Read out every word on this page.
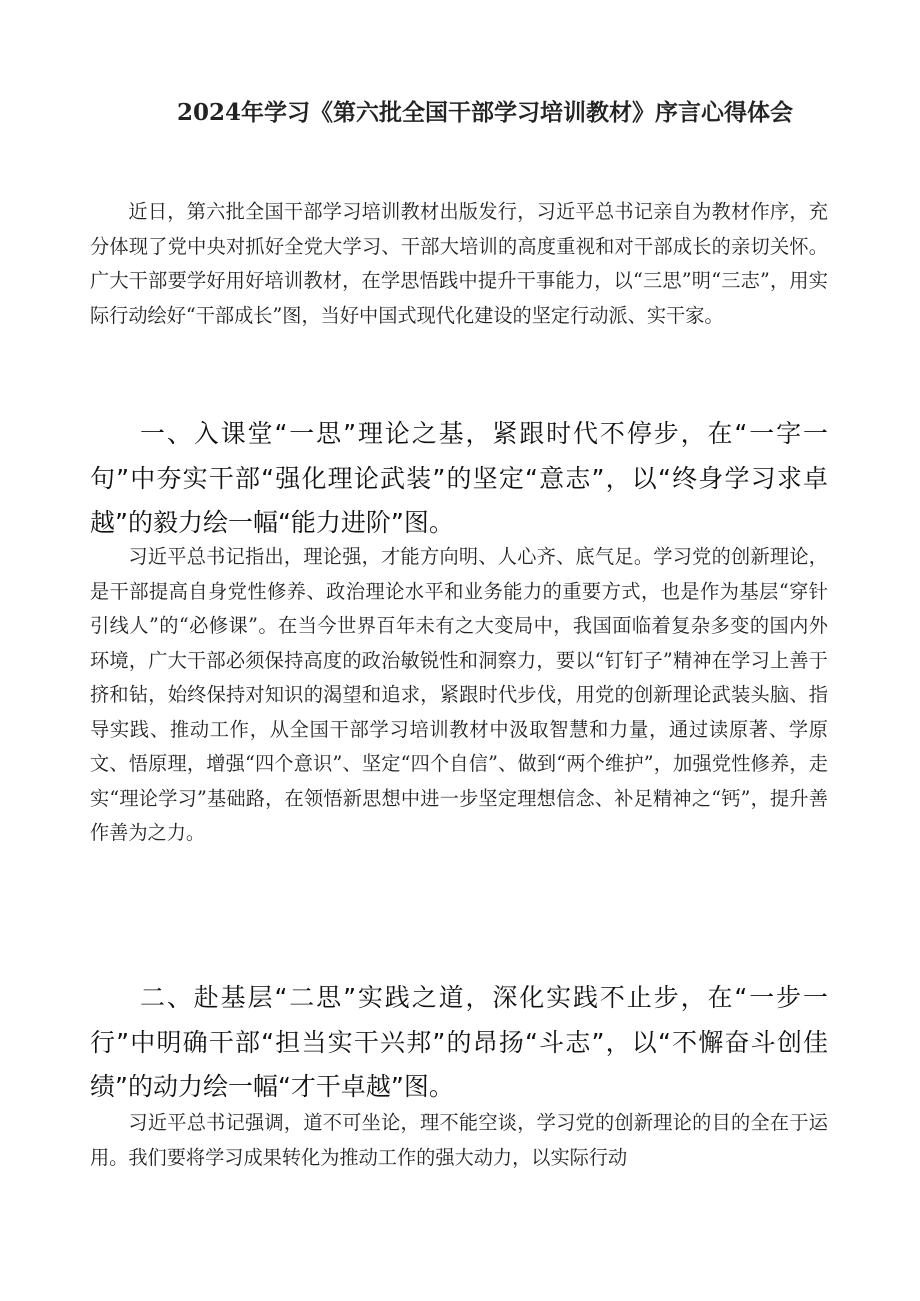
2024年学习《第六批全国干部学习培训教材》序言心得体会

近日，第六批全国干部学习培训教材出版发行，习近平总书记亲自为教材作序，充分体现了党中央对抓好全党大学习、干部大培训的高度重视和对干部成长的亲切关怀。广大干部要学好用好培训教材，在学思悟践中提升干事能力，以“三思”明“三志”，用实际行动绘好“干部成长”图，当好中国式现代化建设的坚定行动派、实干家。

一、入课堂“一思”理论之基，紧跟时代不停步，在“一字一句”中夯实干部“强化理论武装”的坚定“意志”，以“终身学习求卓越”的毅力绘一幅“能力进阶”图。

习近平总书记指出，理论强，才能方向明、人心齐、底气足。学习党的创新理论，是干部提高自身党性修养、政治理论水平和业务能力的重要方式，也是作为基层“穿针引线人”的“必修课”。在当今世界百年未有之大变局中，我国面临着复杂多变的国内外环境，广大干部必须保持高度的政治敏锐性和洞察力，要以“钉钉子”精神在学习上善于挤和钻，始终保持对知识的渴望和追求，紧跟时代步伐，用党的创新理论武装头脑、指导实践、推动工作，从全国干部学习培训教材中汲取智慧和力量，通过读原著、学原文、悟原理，增强“四个意识”、坚定“四个自信”、做到“两个维护”，加强党性修养，走实“理论学习”基础路，在领悟新思想中进一步坚定理想信念、补足精神之“钙”，提升善作善为之力。

二、赴基层“二思”实践之道，深化实践不止步，在“一步一行”中明确干部“担当实干兴邦”的昂扬“斗志”，以“不懈奋斗创佳绩”的动力绘一幅“才干卓越”图。

习近平总书记强调，道不可坐论，理不能空谈，学习党的创新理论的目的全在于运用。我们要将学习成果转化为推动工作的强大动力，以实际行动
